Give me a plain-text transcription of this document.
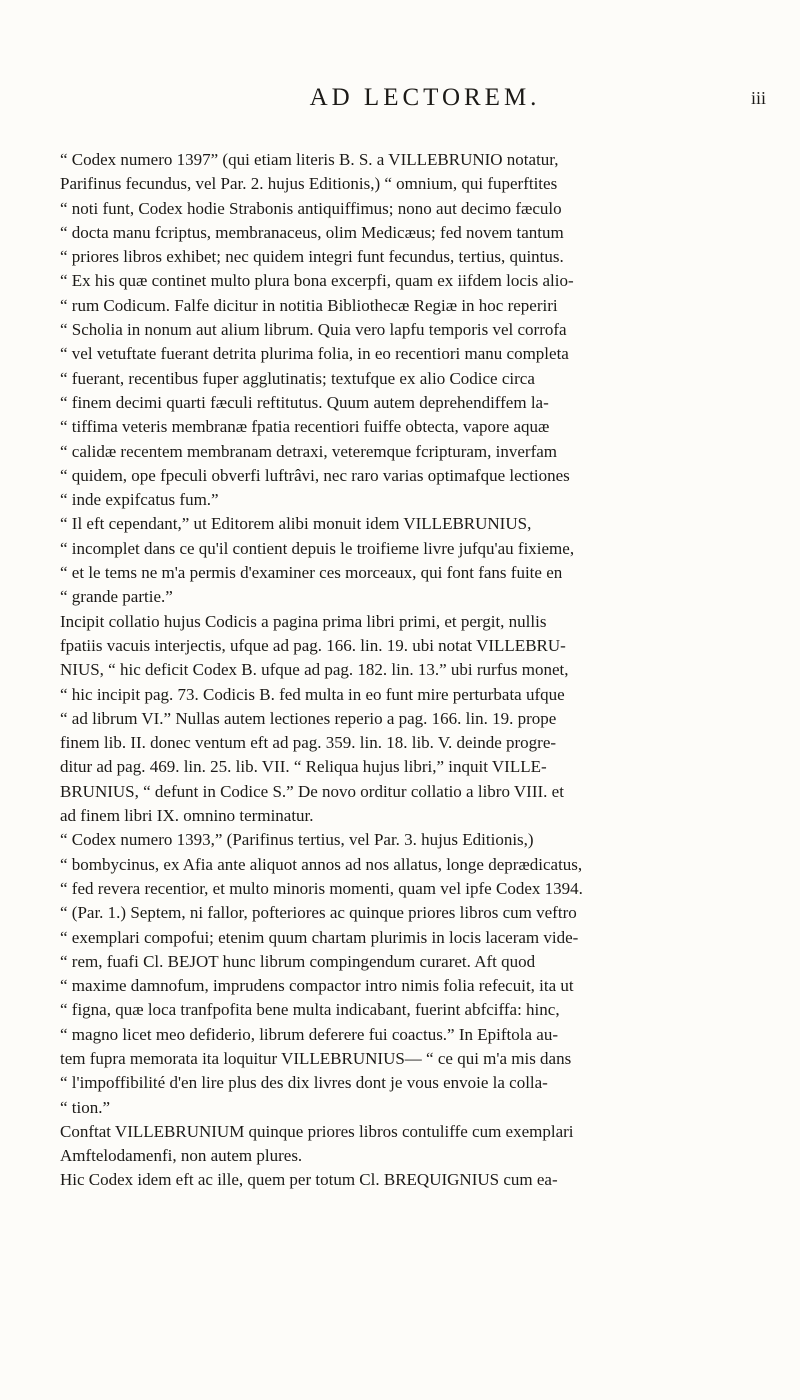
AD LECTOREM.	iii
“ Codex numero 1397” (qui etiam literis B. S. a VILLEBRUNIO notatur,
Parifinus fecundus, vel Par. 2. hujus Editionis,) “ omnium, qui fuperftites
“ noti funt, Codex hodie Strabonis antiquiffimus; nono aut decimo fæculo
“ docta manu fcriptus, membranaceus, olim Medicæus; fed novem tantum
“ priores libros exhibet; nec quidem integri funt fecundus, tertius, quintus.
“ Ex his quæ continet multo plura bona excerpfi, quam ex iifdem locis alio-
“ rum Codicum. Falfe dicitur in notitia Bibliothecæ Regiæ in hoc reperiri
“ Scholia in nonum aut alium librum. Quia vero lapfu temporis vel corrofa
“ vel vetuftate fuerant detrita plurima folia, in eo recentiori manu completa
“ fuerant, recentibus fuper agglutinatis; textufque ex alio Codice circa
“ finem decimi quarti fæculi reftitutus. Quum autem deprehendiffem la-
“ tiffima veteris membranæ fpatia recentiori fuiffe obtecta, vapore aquæ
“ calidæ recentem membranam detraxi, veteremque fcripturam, inverfam
“ quidem, ope fpeculi obverfi luftrâvi, nec raro varias optimafque lectiones
“ inde expifcatus fum.”
“ Il eft cependant,” ut Editorem alibi monuit idem VILLEBRUNIUS,
“ incomplet dans ce qu'il contient depuis le troifieme livre jufqu'au fixieme,
“ et le tems ne m'a permis d'examiner ces morceaux, qui font fans fuite en
“ grande partie.”
Incipit collatio hujus Codicis a pagina prima libri primi, et pergit, nullis
fpatiis vacuis interjectis, ufque ad pag. 166. lin. 19. ubi notat VILLEBRU-
NIUS, “ hic deficit Codex B. ufque ad pag. 182. lin. 13.” ubi rurfus monet,
“ hic incipit pag. 73. Codicis B. fed multa in eo funt mire perturbata ufque
“ ad librum VI.” Nullas autem lectiones reperio a pag. 166. lin. 19. prope
finem lib. II. donec ventum eft ad pag. 359. lin. 18. lib. V. deinde progre-
ditur ad pag. 469. lin. 25. lib. VII. “ Reliqua hujus libri,” inquit VILLE-
BRUNIUS, “ defunt in Codice S.” De novo orditur collatio a libro VIII. et
ad finem libri IX. omnino terminatur.
“ Codex numero 1393,” (Parifinus tertius, vel Par. 3. hujus Editionis,)
“ bombycinus, ex Afia ante aliquot annos ad nos allatus, longe deprædicatus,
“ fed revera recentior, et multo minoris momenti, quam vel ipfe Codex 1394.
“ (Par. 1.) Septem, ni fallor, pofteriores ac quinque priores libros cum veftro
“ exemplari compofui; etenim quum chartam plurimis in locis laceram vide-
“ rem, fuafi Cl. BEJOT hunc librum compingendum curaret. Aft quod
“ maxime damnofum, imprudens compactor intro nimis folia refecuit, ita ut
“ figna, quæ loca tranfpofita bene multa indicabant, fuerint abfciffa: hinc,
“ magno licet meo defiderio, librum deferere fui coactus.” In Epiftola au-
tem fupra memorata ita loquitur VILLEBRUNIUS— “ ce qui m'a mis dans
“ l'impoffibilité d'en lire plus des dix livres dont je vous envoie la colla-
“ tion.”
Conftat VILLEBRUNIUM quinque priores libros contuliffe cum exemplari
Amftelodamenfi, non autem plures.
Hic Codex idem eft ac ille, quem per totum Cl. BREQUIGNIUS cum ea-
